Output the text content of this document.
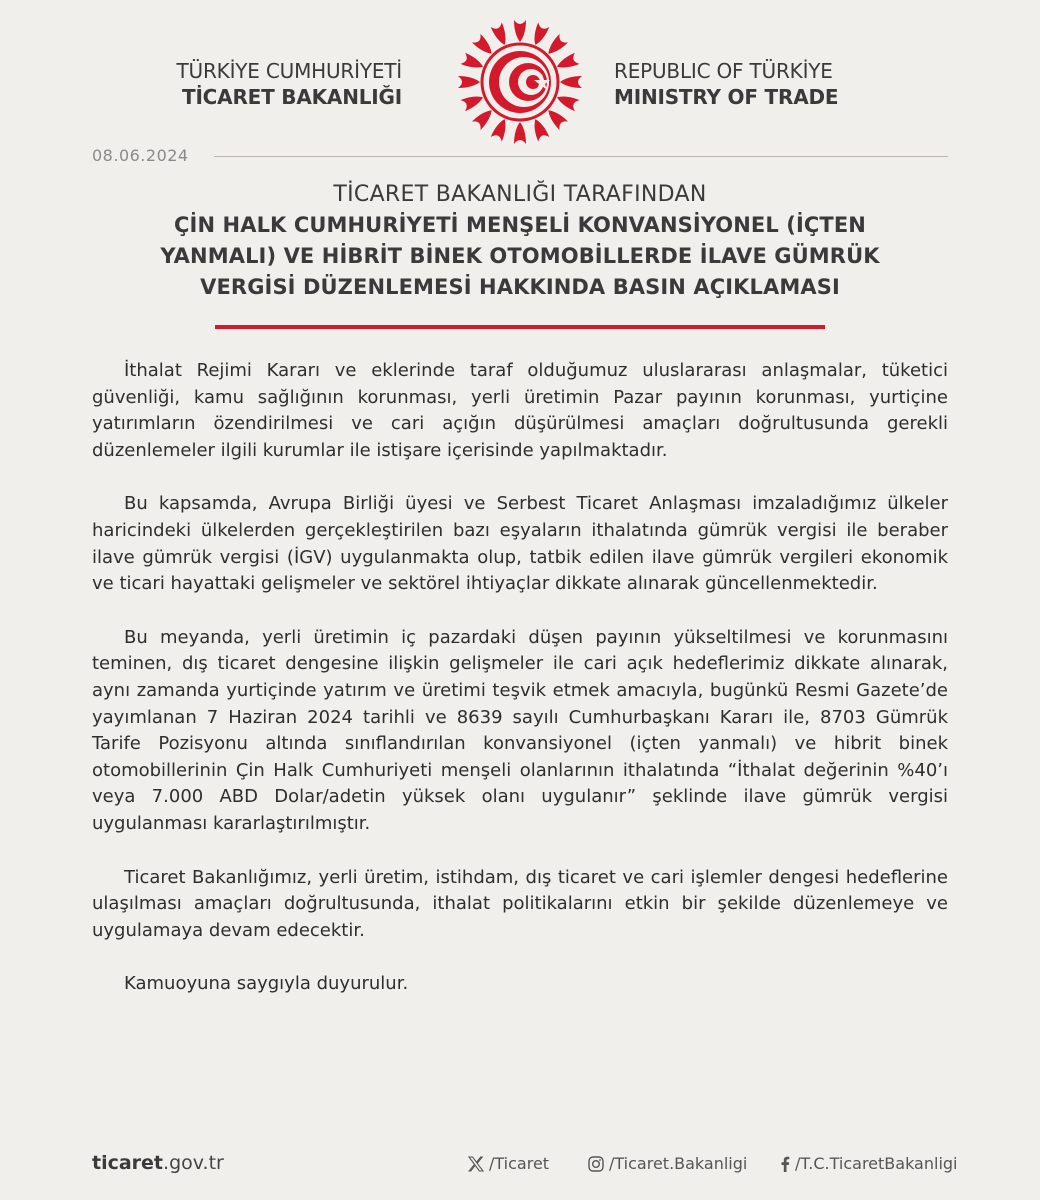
TÜRKİYE CUMHURİYETİ
TİCARET BAKANLIĞI
REPUBLIC OF TÜRKİYE
MINISTRY OF TRADE
08.06.2024
TİCARET BAKANLIĞI TARAFINDAN
ÇİN HALK CUMHURİYETİ MENŞELİ KONVANSİYONEL (İÇTEN
YANMALI) VE HİBRİT BİNEK OTOMOBİLLERDE İLAVE GÜMRÜK
VERGİSİ DÜZENLEMESİ HAKKINDA BASIN AÇIKLAMASI

İthalat Rejimi Kararı ve eklerinde taraf olduğumuz uluslararası anlaşmalar, tüketici güvenliği, kamu sağlığının korunması, yerli üretimin Pazar payının korunması, yurtiçine yatırımların özendirilmesi ve cari açığın düşürülmesi amaçları doğrultusunda gerekli düzenlemeler ilgili kurumlar ile istişare içerisinde yapılmaktadır.

Bu kapsamda, Avrupa Birliği üyesi ve Serbest Ticaret Anlaşması imzaladığımız ülkeler haricindeki ülkelerden gerçekleştirilen bazı eşyaların ithalatında gümrük vergisi ile beraber ilave gümrük vergisi (İGV) uygulanmakta olup, tatbik edilen ilave gümrük vergileri ekonomik ve ticari hayattaki gelişmeler ve sektörel ihtiyaçlar dikkate alınarak güncellenmektedir.

Bu meyanda, yerli üretimin iç pazardaki düşen payının yükseltilmesi ve korunmasını teminen, dış ticaret dengesine ilişkin gelişmeler ile cari açık hedeflerimiz dikkate alınarak, aynı zamanda yurtiçinde yatırım ve üretimi teşvik etmek amacıyla, bugünkü Resmi Gazete’de yayımlanan 7 Haziran 2024 tarihli ve 8639 sayılı Cumhurbaşkanı Kararı ile, 8703 Gümrük Tarife Pozisyonu altında sınıflandırılan konvansiyonel (içten yanmalı) ve hibrit binek otomobillerinin Çin Halk Cumhuriyeti menşeli olanlarının ithalatında “İthalat değerinin %40’ı veya 7.000 ABD Dolar/adetin yüksek olanı uygulanır” şeklinde ilave gümrük vergisi uygulanması kararlaştırılmıştır.

Ticaret Bakanlığımız, yerli üretim, istihdam, dış ticaret ve cari işlemler dengesi hedeflerine ulaşılması amaçları doğrultusunda, ithalat politikalarını etkin bir şekilde düzenlemeye ve uygulamaya devam edecektir.

Kamuoyuna saygıyla duyurulur.

ticaret.gov.tr	/Ticaret	/Ticaret.Bakanligi	/T.C.TicaretBakanligi
